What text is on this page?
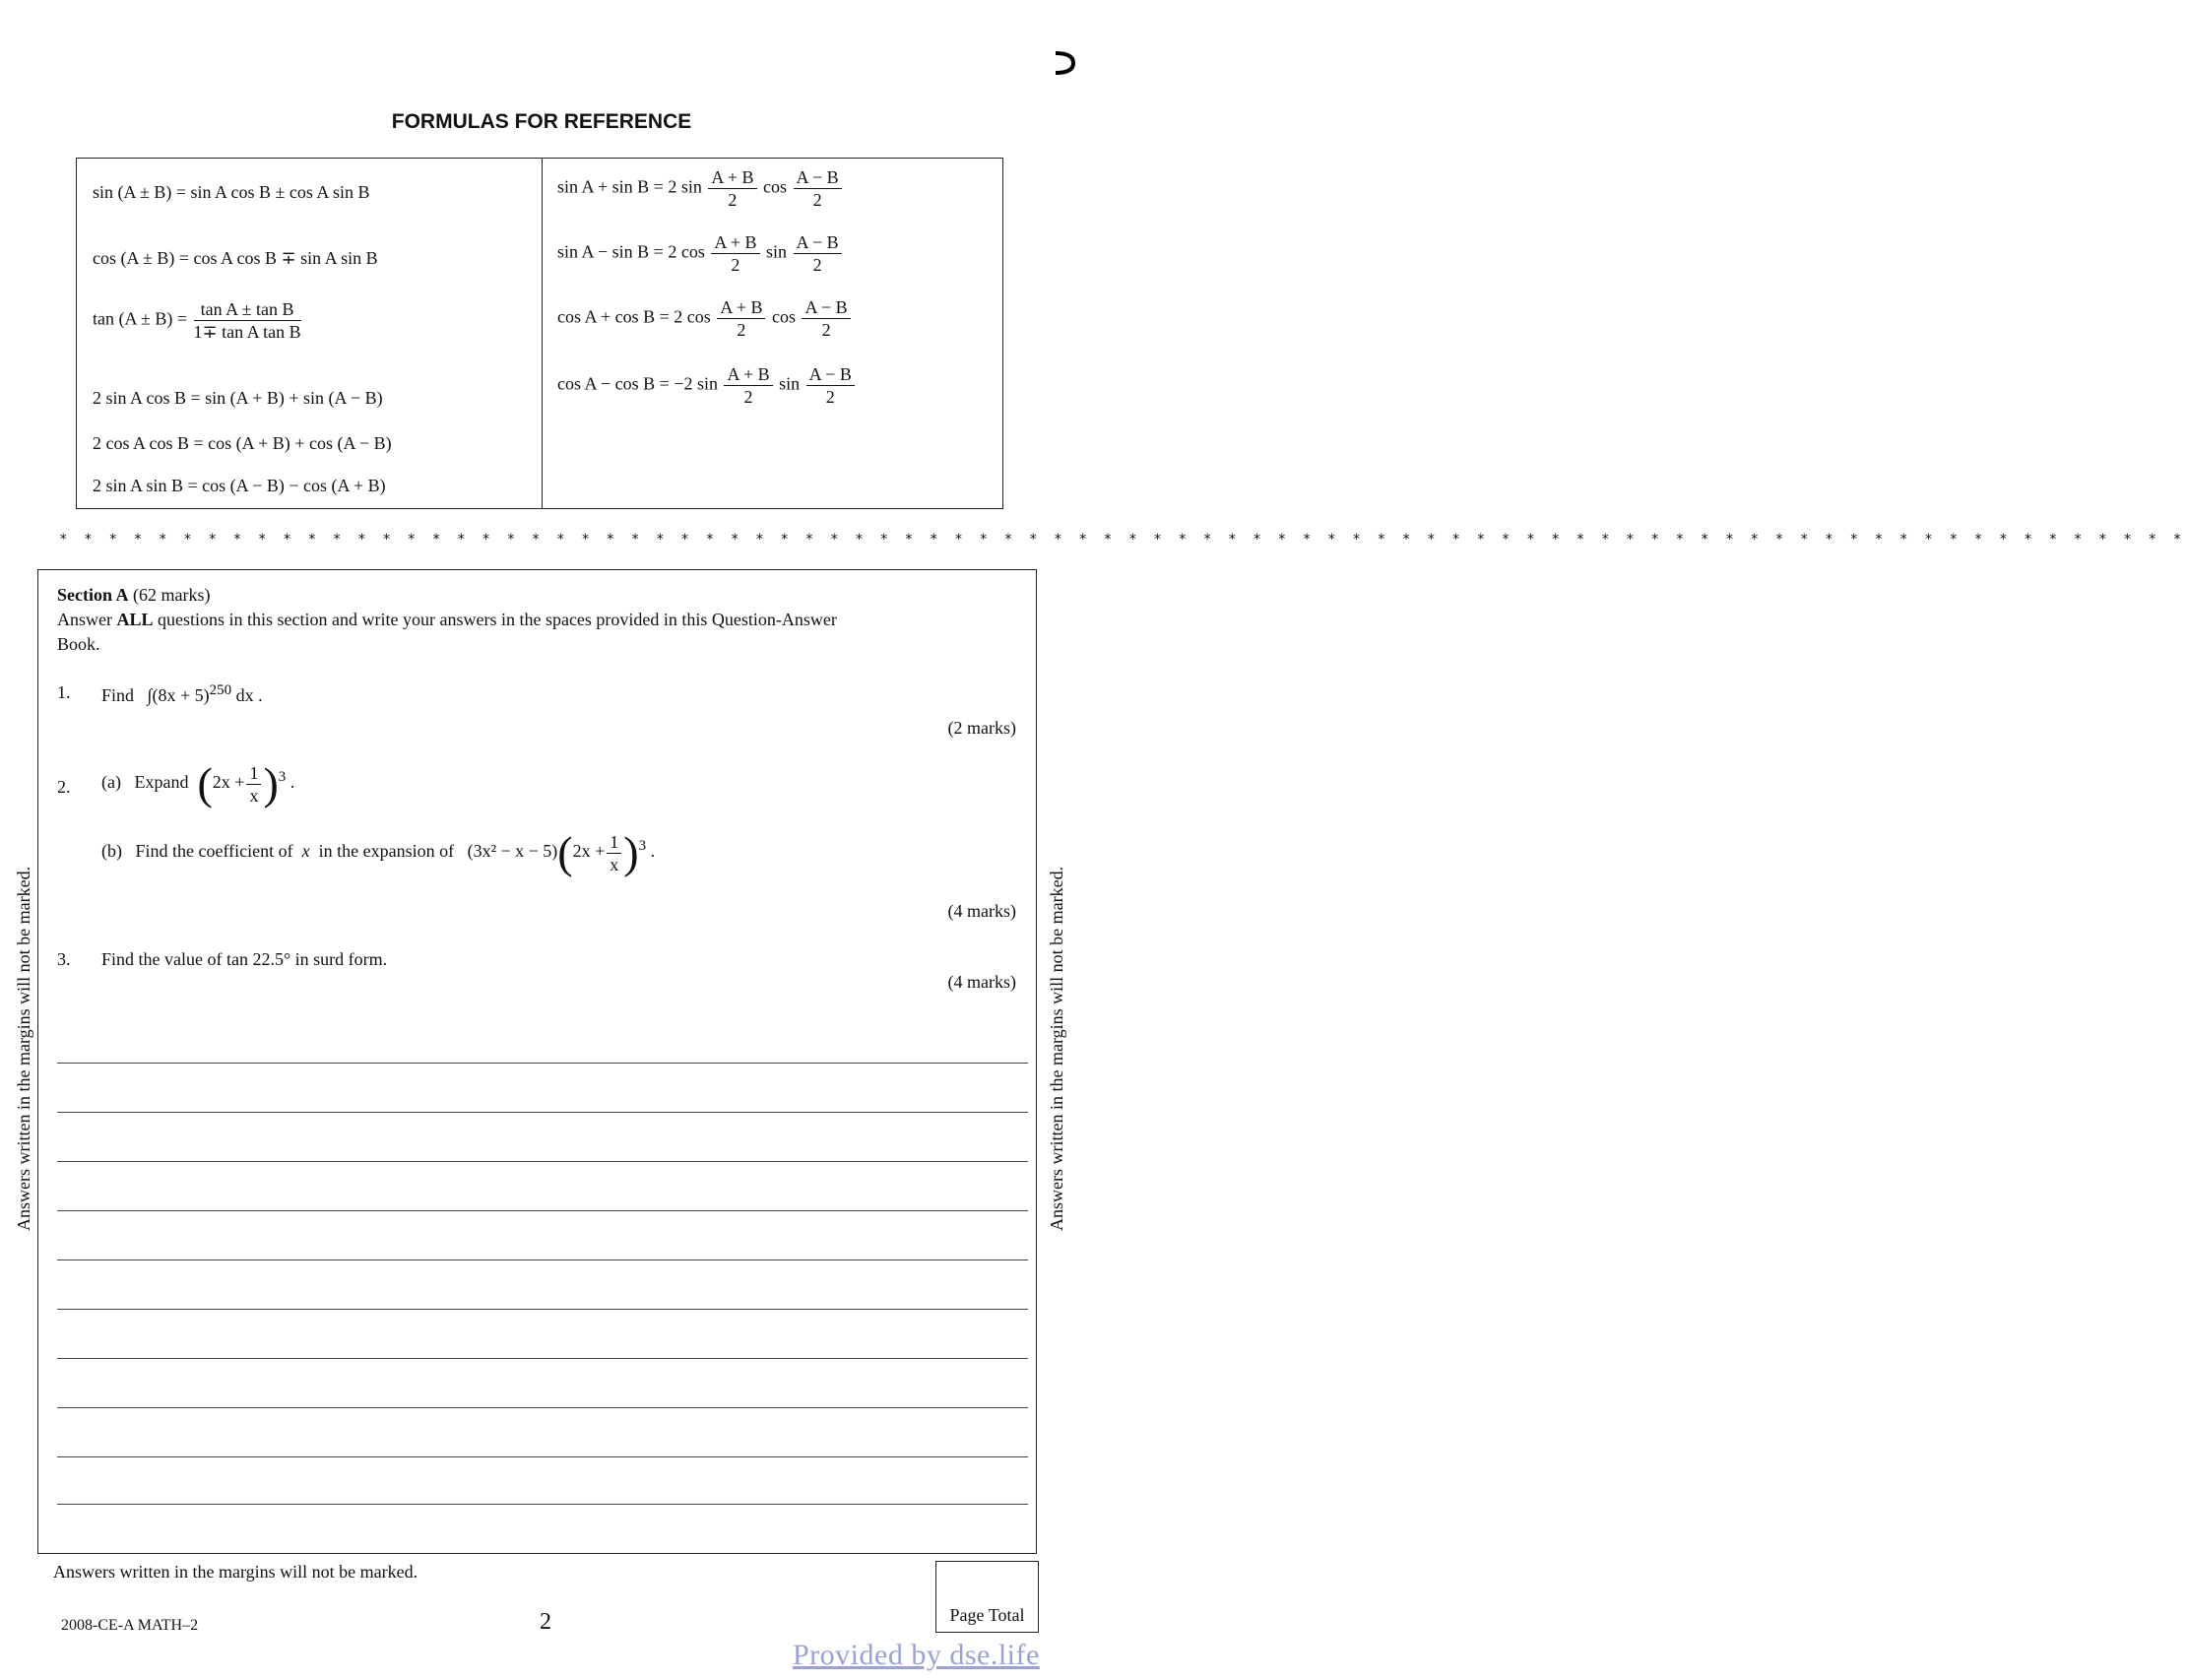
FORMULAS FOR REFERENCE
sin (A ± B) = sin A cos B ± cos A sin B
cos (A ± B) = cos A cos B ∓ sin A sin B
$\tan (A \pm B) = \frac{\text{tan A ± tan B}}{\text{1∓ tan A tan B}}$
2 sin A cos B = sin (A + B) + sin (A − B)
2 cos A cos B = cos (A + B) + cos (A − B)
2 sin A sin B = cos (A − B) − cos (A + B)
sin A + sin B = 2 $\sin \frac{A + B}{2}$ $\cos \frac{A - B}{2}$
sin A − sin B = 2 $\cos \frac{A + B}{2}$ $\sin \frac{A - B}{2}$
cos A + cos B = 2 $\cos \frac{A + B}{2}$ $\cos \frac{A - B}{2}$
cos A − cos B = −2 $\sin \frac{A + B}{2}$ $\sin \frac{A - B}{2}$
* * * * * * * * * * * * * * * * * * * * * * * * * * * * * * * * * * * * * * * * * * * * * * * * * * * * * * * * * * * * * * * * * * * * * * * * * * * * * * * * * * * * * *
Section A (62 marks)
Answer ALL questions in this section and write your answers in the spaces provided in this Question-Answer
Book.
1. Find $\int(8x + 5)^{250}$ dx .
(2 marks)
2. (a) Expand $(2x + \frac{1}{x} )^3$ .
(b) Find the coefficient of x in the expansion of $(3x^2 - x - 5)(2x + \frac{1}{x} )^3$ .
(4 marks)
3. Find the value of tan 22.5° in surd form.
(4 marks)
Answers written in the margins will not be marked.	Answers written in the margins will not be marked.
Answers written in the margins will not be marked.
2008-CE-A MATH–2	2	Page Total
Provided by dse.life
